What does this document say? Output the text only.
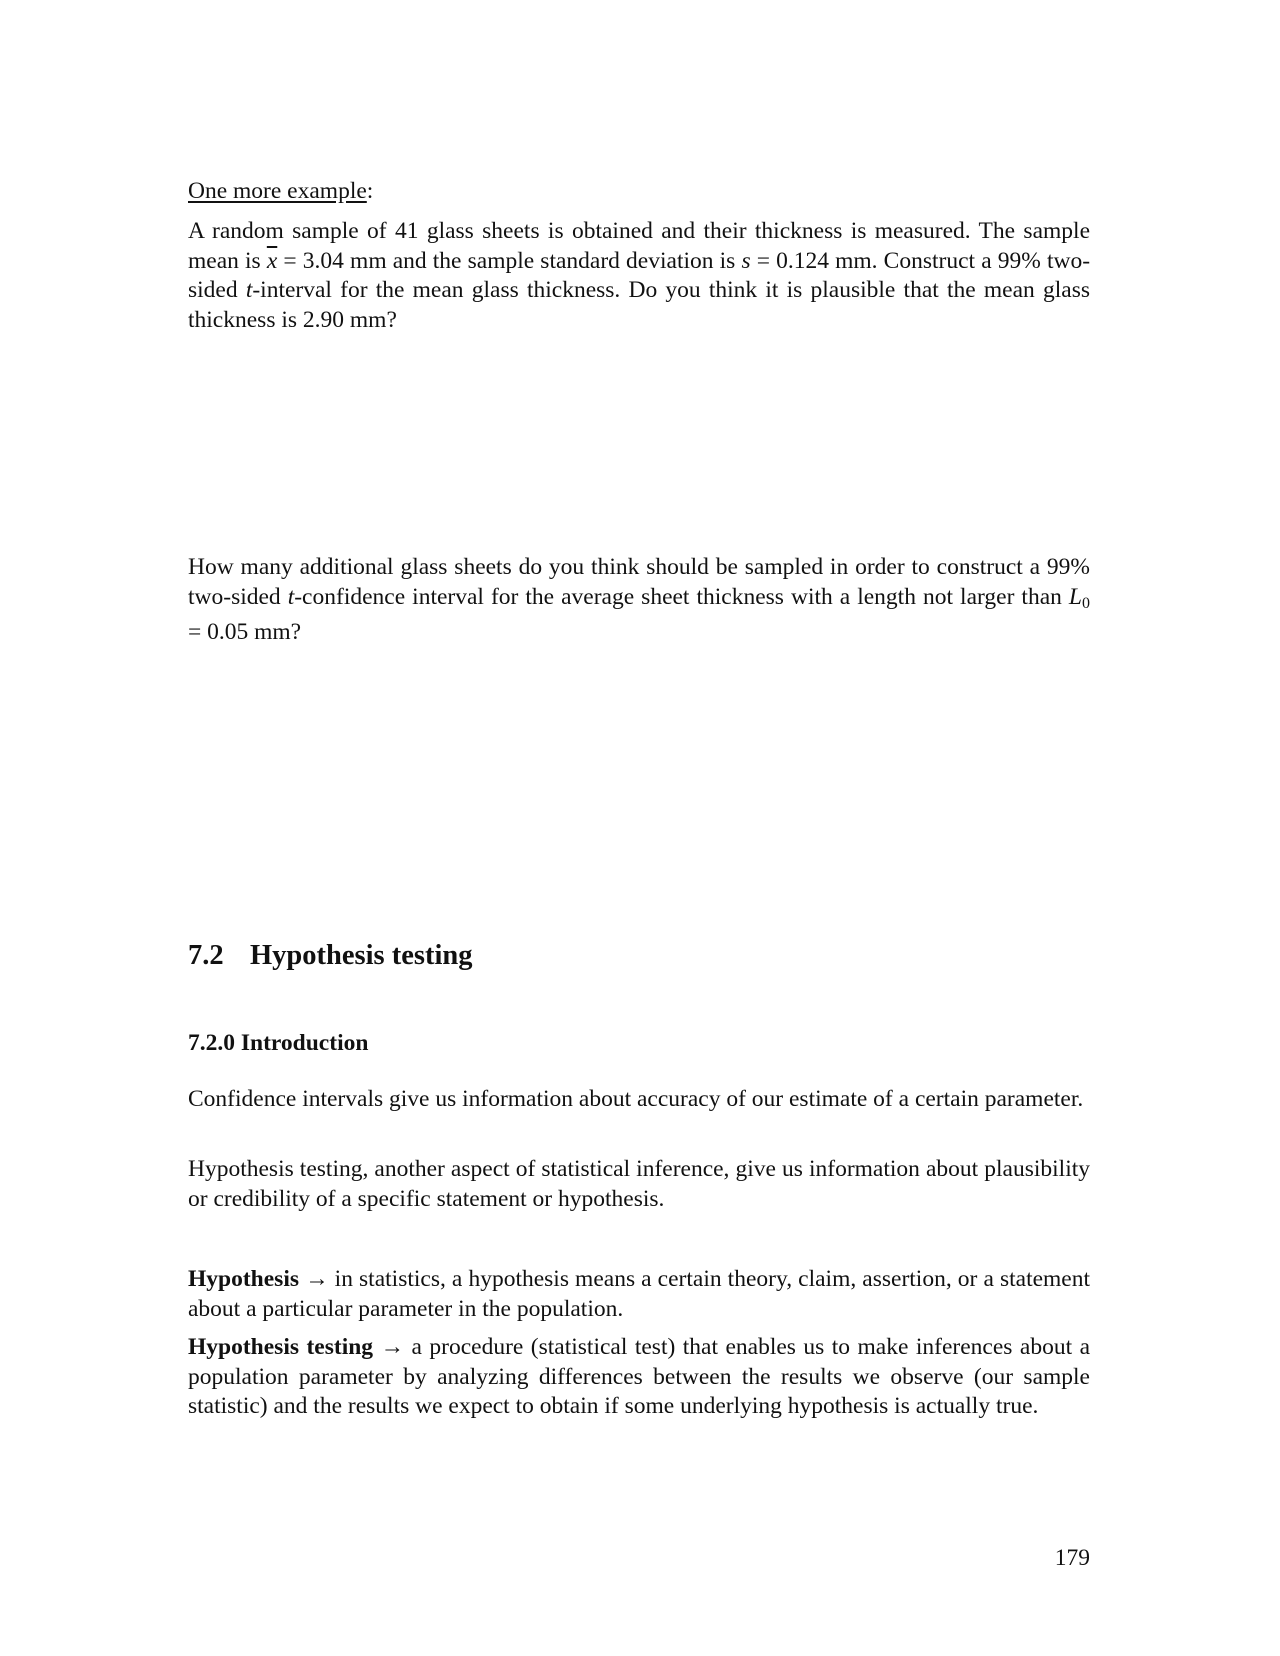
One more example:

A random sample of 41 glass sheets is obtained and their thickness is measured. The sample mean is $\overline{x} = 3.04$ mm and the sample standard deviation is s = 0.124 mm. Construct a 99% two-sided t-interval for the mean glass thickness. Do you think it is plausible that the mean glass thickness is 2.90 mm?

How many additional glass sheets do you think should be sampled in order to construct a 99% two-sided t-confidence interval for the average sheet thickness with a length not larger than $L_0 = 0.05$ mm?

7.2 Hypothesis testing
7.2.0 Introduction

Confidence intervals give us information about accuracy of our estimate of a certain parameter.

Hypothesis testing, another aspect of statistical inference, give us information about plausibility or credibility of a specific statement or hypothesis.

Hypothesis → in statistics, a hypothesis means a certain theory, claim, assertion, or a statement about a particular parameter in the population.

Hypothesis testing → a procedure (statistical test) that enables us to make inferences about a population parameter by analyzing differences between the results we observe (our sample statistic) and the results we expect to obtain if some underlying hypothesis is actually true.

179
